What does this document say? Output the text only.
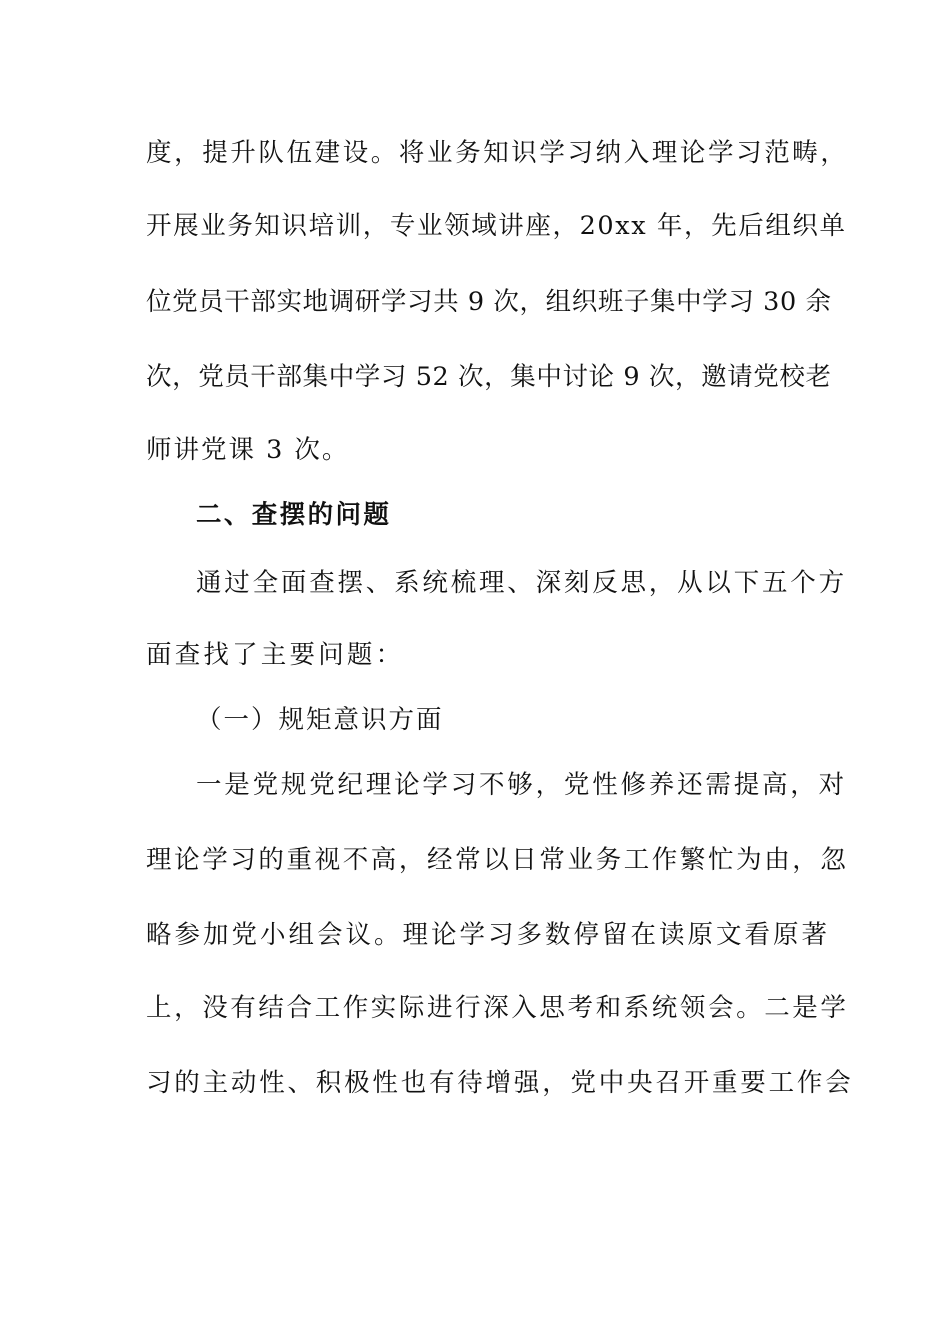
度，提升队伍建设。将业务知识学习纳入理论学习范畴，
开展业务知识培训，专业领域讲座，20xx 年，先后组织单
位党员干部实地调研学习共 9 次，组织班子集中学习 30 余
次，党员干部集中学习 52 次，集中讨论 9 次，邀请党校老
师讲党课 3 次。
二、查摆的问题
通过全面查摆、系统梳理、深刻反思，从以下五个方
面查找了主要问题：
（一）规矩意识方面
一是党规党纪理论学习不够，党性修养还需提高，对
理论学习的重视不高，经常以日常业务工作繁忙为由，忽
略参加党小组会议。理论学习多数停留在读原文看原著
上，没有结合工作实际进行深入思考和系统领会。二是学
习的主动性、积极性也有待增强，党中央召开重要工作会
